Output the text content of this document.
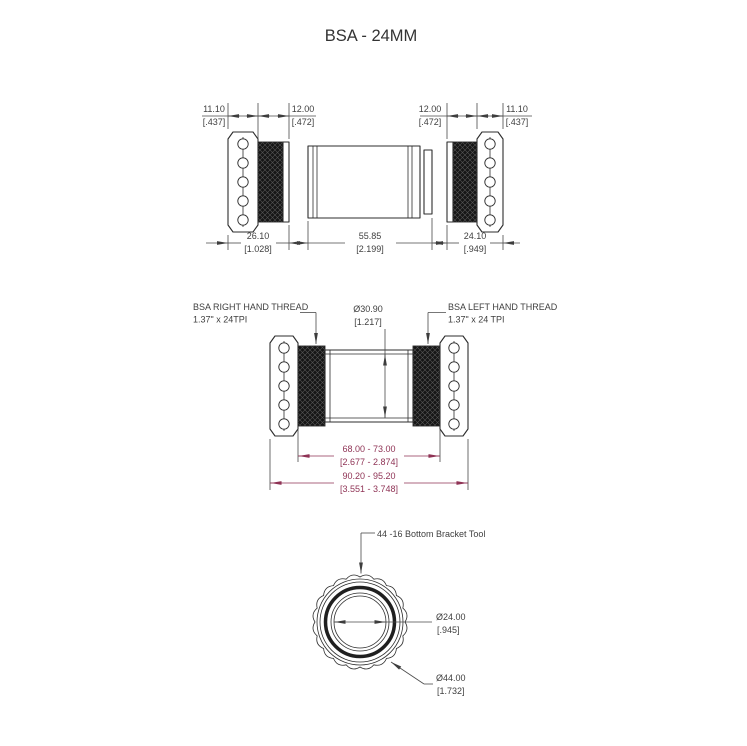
BSA - 24MM
11.10
[.437]
12.00
[.472]
12.00
[.472]
11.10
[.437]
26.10
[1.028]
55.85
[2.199]
24.10
[.949]
BSA RIGHT HAND THREAD
1.37" x 24TPI
BSA LEFT HAND THREAD
1.37" x 24 TPI
Ø30.90
[1.217]
68.00 - 73.00
[2.677 - 2.874]
90.20 - 95.20
[3.551 - 3.748]
44 -16 Bottom Bracket Tool
Ø24.00
[.945]
Ø44.00
[1.732]
